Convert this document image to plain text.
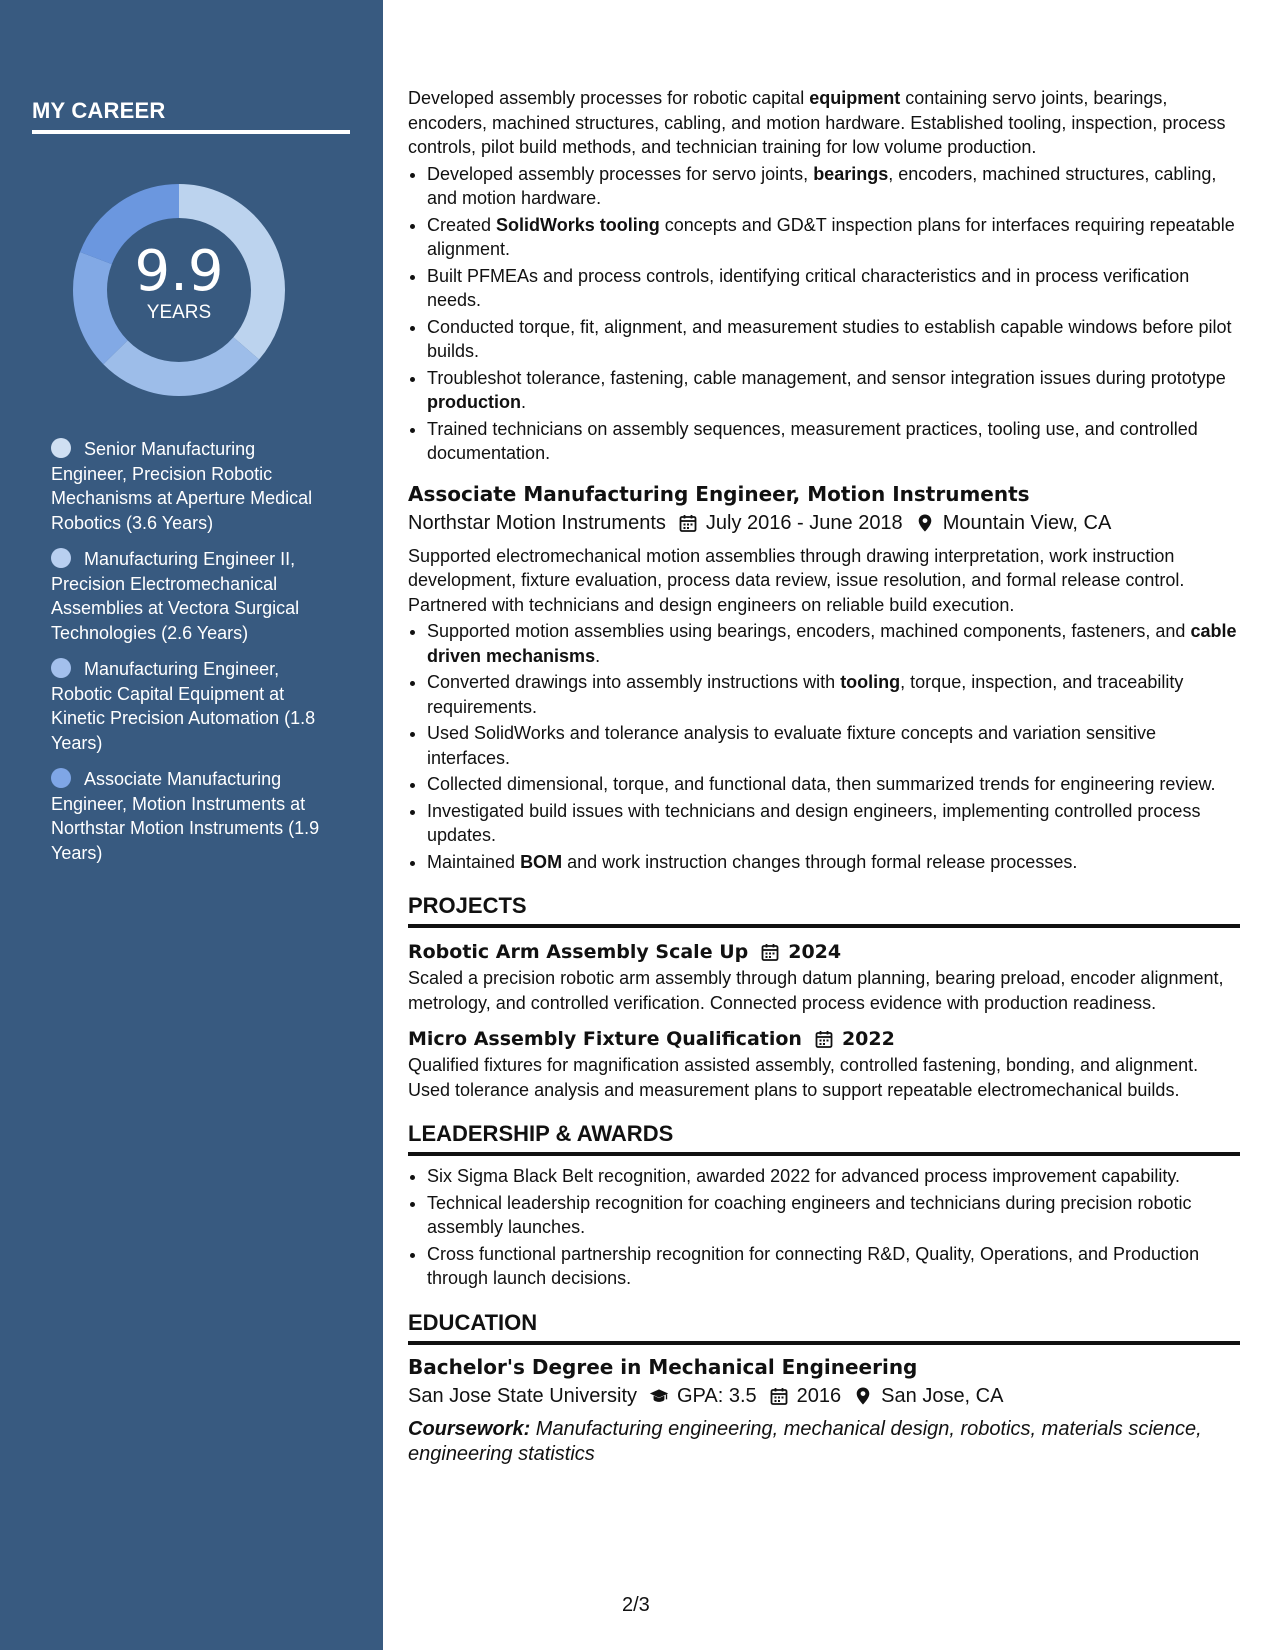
MY CAREER
9.9
YEARS
Senior Manufacturing Engineer, Precision Robotic Mechanisms at Aperture Medical Robotics (3.6 Years)
Manufacturing Engineer II, Precision Electromechanical Assemblies at Vectora Surgical Technologies (2.6 Years)
Manufacturing Engineer, Robotic Capital Equipment at Kinetic Precision Automation (1.8 Years)
Associate Manufacturing Engineer, Motion Instruments at Northstar Motion Instruments (1.9 Years)

Developed assembly processes for robotic capital equipment containing servo joints, bearings, encoders, machined structures, cabling, and motion hardware. Established tooling, inspection, process controls, pilot build methods, and technician training for low volume production.

• Developed assembly processes for servo joints, bearings, encoders, machined structures, cabling, and motion hardware.
• Created SolidWorks tooling concepts and GD&T inspection plans for interfaces requiring repeatable alignment.
• Built PFMEAs and process controls, identifying critical characteristics and in process verification needs.
• Conducted torque, fit, alignment, and measurement studies to establish capable windows before pilot builds.
• Troubleshot tolerance, fastening, cable management, and sensor integration issues during prototype production.
• Trained technicians on assembly sequences, measurement practices, tooling use, and controlled documentation.
Associate Manufacturing Engineer, Motion Instruments
Northstar Motion Instruments July 2016 - June 2018 Mountain View, CA

Supported electromechanical motion assemblies through drawing interpretation, work instruction development, fixture evaluation, process data review, issue resolution, and formal release control. Partnered with technicians and design engineers on reliable build execution.

• Supported motion assemblies using bearings, encoders, machined components, fasteners, and cable driven mechanisms.
• Converted drawings into assembly instructions with tooling, torque, inspection, and traceability requirements.
• Used SolidWorks and tolerance analysis to evaluate fixture concepts and variation sensitive interfaces.
• Collected dimensional, torque, and functional data, then summarized trends for engineering review.
• Investigated build issues with technicians and design engineers, implementing controlled process updates.
• Maintained BOM and work instruction changes through formal release processes.
PROJECTS
Robotic Arm Assembly Scale Up 2024

Scaled a precision robotic arm assembly through datum planning, bearing preload, encoder alignment, metrology, and controlled verification. Connected process evidence with production readiness.

Micro Assembly Fixture Qualification 2022

Qualified fixtures for magnification assisted assembly, controlled fastening, bonding, and alignment. Used tolerance analysis and measurement plans to support repeatable electromechanical builds.

LEADERSHIP & AWARDS
• Six Sigma Black Belt recognition, awarded 2022 for advanced process improvement capability.
• Technical leadership recognition for coaching engineers and technicians during precision robotic assembly launches.
• Cross functional partnership recognition for connecting R&D, Quality, Operations, and Production through launch decisions.
EDUCATION
Bachelor's Degree in Mechanical Engineering
San Jose State University GPA: 3.5 2016 San Jose, CA

Coursework: Manufacturing engineering, mechanical design, robotics, materials science, engineering statistics

2/3
